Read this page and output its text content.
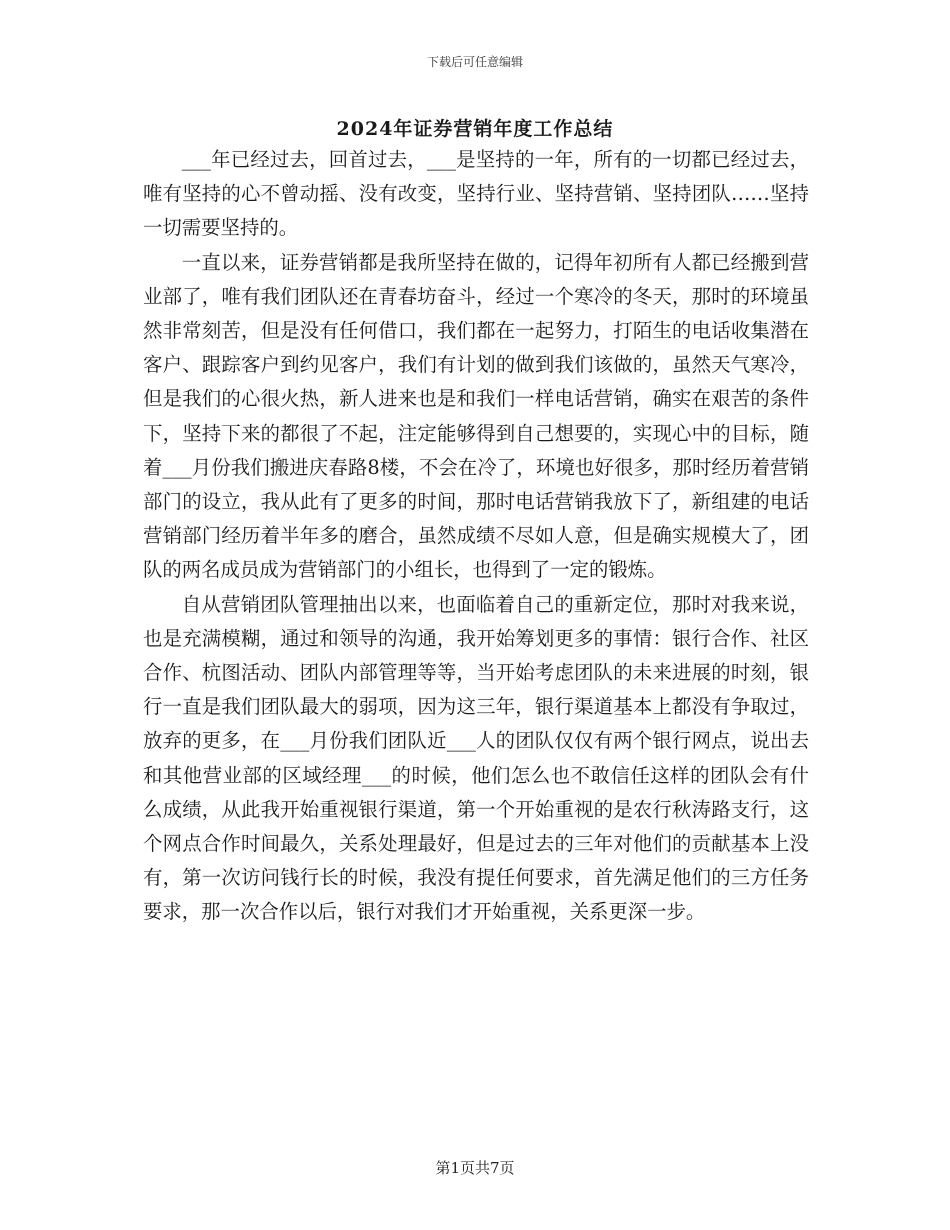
下载后可任意编辑
2024年证券营销年度工作总结

___年已经过去，回首过去，___是坚持的一年，所有的一切都已经过去，唯有坚持的心不曾动摇、没有改变，坚持行业、坚持营销、坚持团队……坚持一切需要坚持的。

一直以来，证券营销都是我所坚持在做的，记得年初所有人都已经搬到营业部了，唯有我们团队还在青春坊奋斗，经过一个寒冷的冬天，那时的环境虽然非常刻苦，但是没有任何借口，我们都在一起努力，打陌生的电话收集潜在客户、跟踪客户到约见客户，我们有计划的做到我们该做的，虽然天气寒冷，但是我们的心很火热，新人进来也是和我们一样电话营销，确实在艰苦的条件下，坚持下来的都很了不起，注定能够得到自己想要的，实现心中的目标，随着___月份我们搬进庆春路8楼，不会在冷了，环境也好很多，那时经历着营销部门的设立，我从此有了更多的时间，那时电话营销我放下了，新组建的电话营销部门经历着半年多的磨合，虽然成绩不尽如人意，但是确实规模大了，团队的两名成员成为营销部门的小组长，也得到了一定的锻炼。

自从营销团队管理抽出以来，也面临着自己的重新定位，那时对我来说，也是充满模糊，通过和领导的沟通，我开始筹划更多的事情：银行合作、社区合作、杭图活动、团队内部管理等等，当开始考虑团队的未来进展的时刻，银行一直是我们团队最大的弱项，因为这三年，银行渠道基本上都没有争取过，放弃的更多，在___月份我们团队近___人的团队仅仅有两个银行网点，说出去和其他营业部的区域经理___的时候，他们怎么也不敢信任这样的团队会有什么成绩，从此我开始重视银行渠道，第一个开始重视的是农行秋涛路支行，这个网点合作时间最久，关系处理最好，但是过去的三年对他们的贡献基本上没有，第一次访问钱行长的时候，我没有提任何要求，首先满足他们的三方任务要求，那一次合作以后，银行对我们才开始重视，关系更深一步。

第1页共7页
